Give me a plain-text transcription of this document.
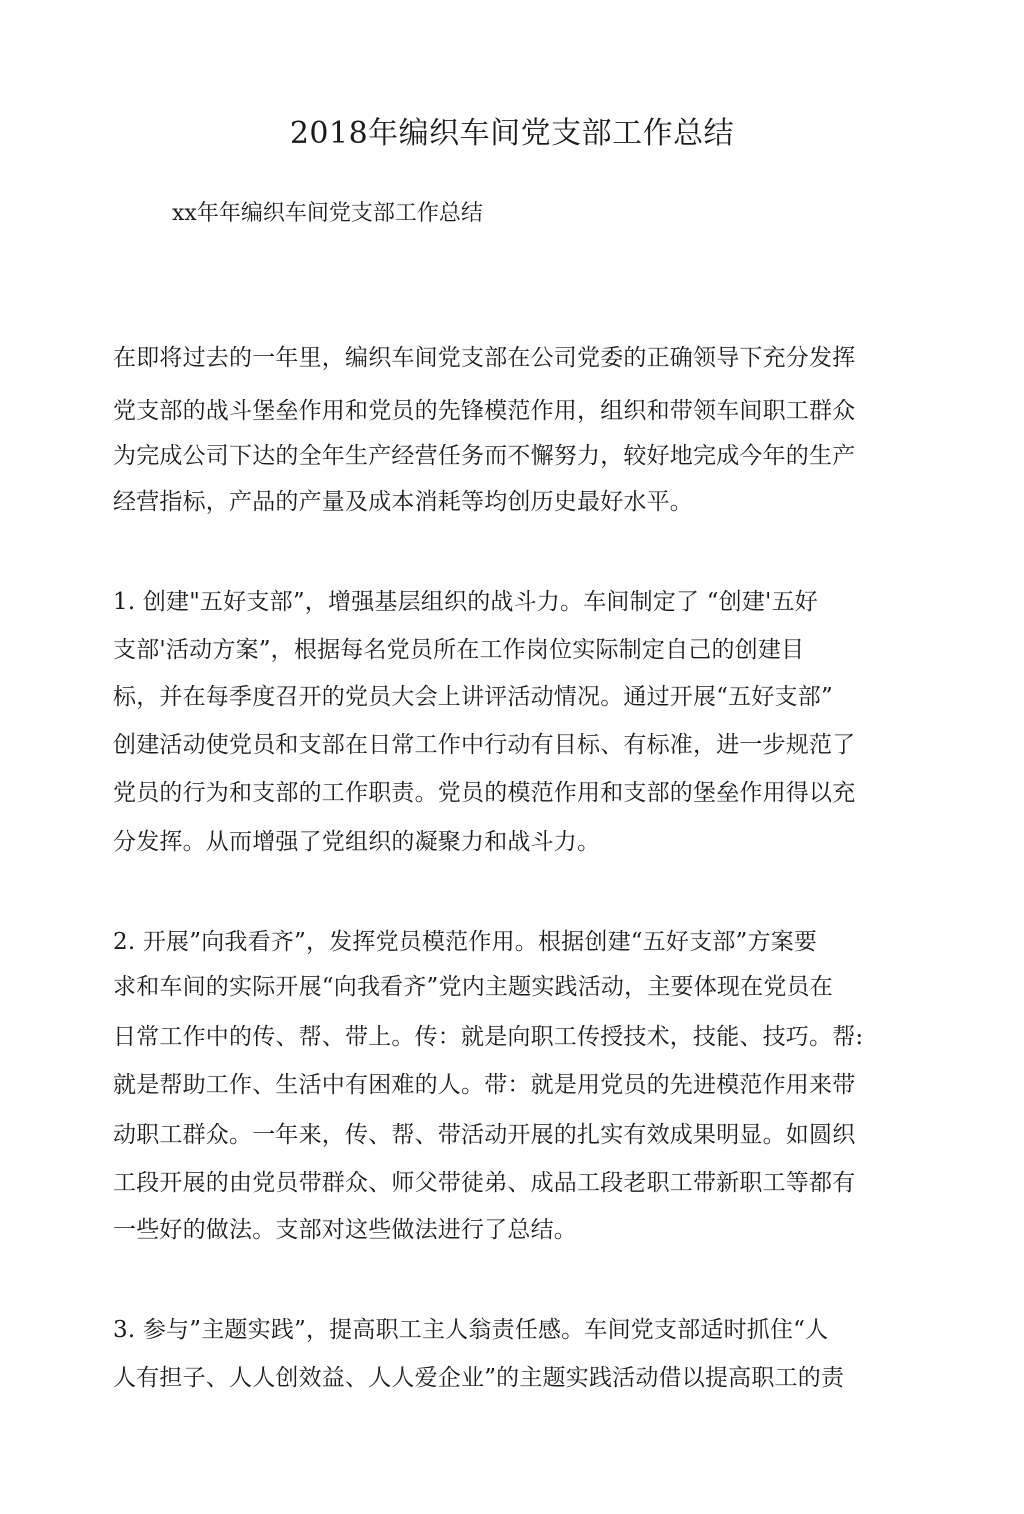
2018年编织车间党支部工作总结

xx年年编织车间党支部工作总结

在即将过去的一年里，编织车间党支部在公司党委的正确领导下充分发挥

党支部的战斗堡垒作用和党员的先锋模范作用，组织和带领车间职工群众

为完成公司下达的全年生产经营任务而不懈努力，较好地完成今年的生产

经营指标，产品的产量及成本消耗等均创历史最好水平。

1. 创建"五好支部”，增强基层组织的战斗力。车间制定了 “创建'五好

支部'活动方案”，根据每名党员所在工作岗位实际制定自己的创建目

标，并在每季度召开的党员大会上讲评活动情况。通过开展“五好支部”

创建活动使党员和支部在日常工作中行动有目标、有标准，进一步规范了

党员的行为和支部的工作职责。党员的模范作用和支部的堡垒作用得以充

分发挥。从而增强了党组织的凝聚力和战斗力。

2. 开展”向我看齐”，发挥党员模范作用。根据创建“五好支部”方案要

求和车间的实际开展“向我看齐”党内主题实践活动，主要体现在党员在

日常工作中的传、帮、带上。传：就是向职工传授技术，技能、技巧。帮:

就是帮助工作、生活中有困难的人。带：就是用党员的先进模范作用来带

动职工群众。一年来，传、帮、带活动开展的扎实有效成果明显。如圆织

工段开展的由党员带群众、师父带徒弟、成品工段老职工带新职工等都有

一些好的做法。支部对这些做法进行了总结。

3. 参与”主题实践”，提高职工主人翁责任感。车间党支部适时抓住“人

人有担子、人人创效益、人人爱企业”的主题实践活动借以提高职工的责
